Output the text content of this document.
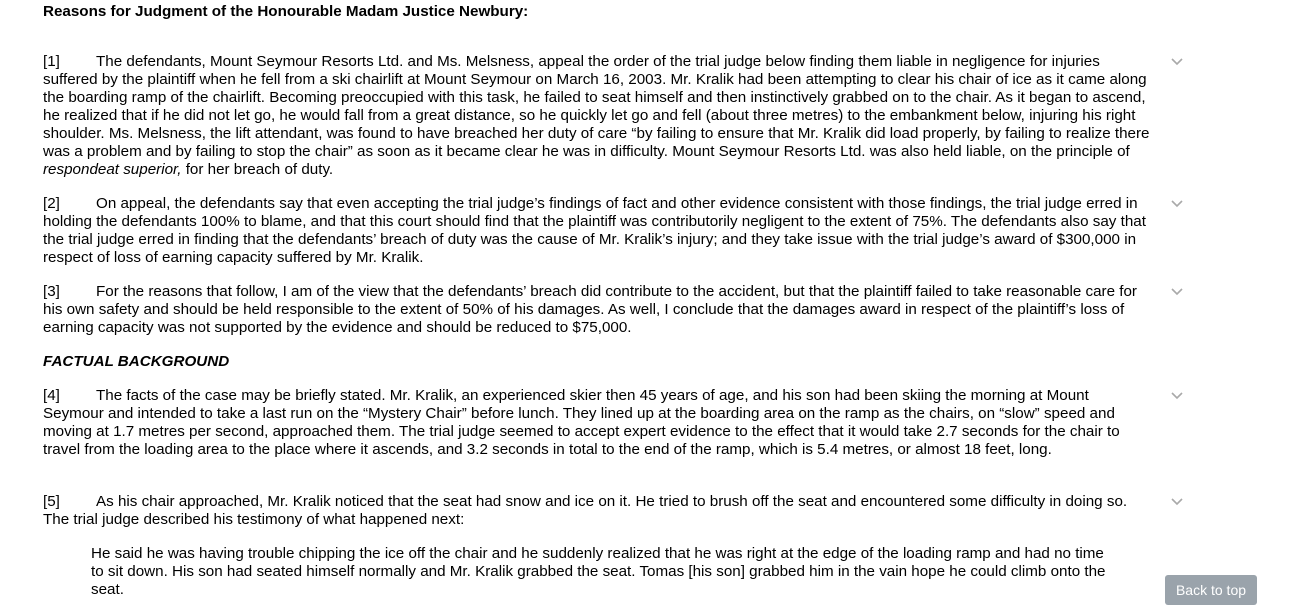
Reasons for Judgment of the Honourable Madam Justice Newbury:

[1] The defendants, Mount Seymour Resorts Ltd. and Ms. Melsness, appeal the order of the trial judge below finding them liable in negligence for injuries suffered by the plaintiff when he fell from a ski chairlift at Mount Seymour on March 16, 2003. Mr. Kralik had been attempting to clear his chair of ice as it came along the boarding ramp of the chairlift. Becoming preoccupied with this task, he failed to seat himself and then instinctively grabbed on to the chair. As it began to ascend, he realized that if he did not let go, he would fall from a great distance, so he quickly let go and fell (about three metres) to the embankment below, injuring his right shoulder. Ms. Melsness, the lift attendant, was found to have breached her duty of care “by failing to ensure that Mr. Kralik did load properly, by failing to realize there was a problem and by failing to stop the chair” as soon as it became clear he was in difficulty. Mount Seymour Resorts Ltd. was also held liable, on the principle of respondeat superior, for her breach of duty.

[2] On appeal, the defendants say that even accepting the trial judge’s findings of fact and other evidence consistent with those findings, the trial judge erred in holding the defendants 100% to blame, and that this court should find that the plaintiff was contributorily negligent to the extent of 75%. The defendants also say that the trial judge erred in finding that the defendants’ breach of duty was the cause of Mr. Kralik’s injury; and they take issue with the trial judge’s award of $300,000 in respect of loss of earning capacity suffered by Mr. Kralik.

[3] For the reasons that follow, I am of the view that the defendants’ breach did contribute to the accident, but that the plaintiff failed to take reasonable care for his own safety and should be held responsible to the extent of 50% of his damages. As well, I conclude that the damages award in respect of the plaintiff’s loss of earning capacity was not supported by the evidence and should be reduced to $75,000.

FACTUAL BACKGROUND

[4] The facts of the case may be briefly stated. Mr. Kralik, an experienced skier then 45 years of age, and his son had been skiing the morning at Mount Seymour and intended to take a last run on the “Mystery Chair” before lunch. They lined up at the boarding area on the ramp as the chairs, on “slow” speed and moving at 1.7 metres per second, approached them. The trial judge seemed to accept expert evidence to the effect that it would take 2.7 seconds for the chair to travel from the loading area to the place where it ascends, and 3.2 seconds in total to the end of the ramp, which is 5.4 metres, or almost 18 feet, long.

[5] As his chair approached, Mr. Kralik noticed that the seat had snow and ice on it. He tried to brush off the seat and encountered some difficulty in doing so. The trial judge described his testimony of what happened next:

He said he was having trouble chipping the ice off the chair and he suddenly realized that he was right at the edge of the loading ramp and had no time to sit down. His son had seated himself normally and Mr. Kralik grabbed the seat. Tomas [his son] grabbed him in the vain hope he could climb onto the seat.	Back to top
